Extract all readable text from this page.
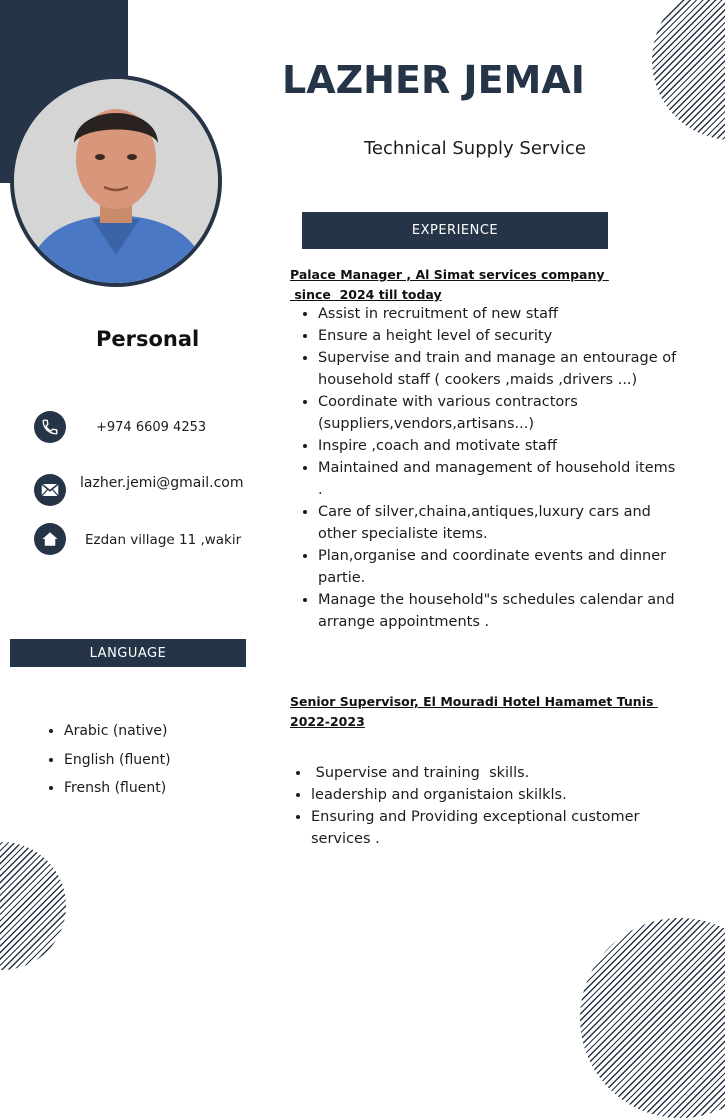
LAZHER JEMAI
Technical Supply Service
EXPERIENCE
Personal
+974 6609 4253
lazher.jemi@gmail.com
Ezdan village 11 ,wakir
LANGUAGE
• Arabic (native)
• English (fluent)
• Frensh (fluent)
Palace Manager , Al Simat services company
since  2024 till today
• Assist in recruitment of new staff
• Ensure a height level of security
• Supervise and train and manage an entourage of household staff ( cookers ,maids ,drivers ...)
• Coordinate with various contractors (suppliers,vendors,artisans...)
• Inspire ,coach and motivate staff
• Maintained and management of household items .
• Care of silver,chaina,antiques,luxury cars and other specialiste items.
• Plan,organise and coordinate events and dinner partie.
• Manage the household"s schedules calendar and arrange appointments .
Senior Supervisor, El Mouradi Hotel Hamamet Tunis
2022-2023
•  Supervise and training  skills.
• leadership and organistaion skilkls.
• Ensuring and Providing exceptional customer services .
